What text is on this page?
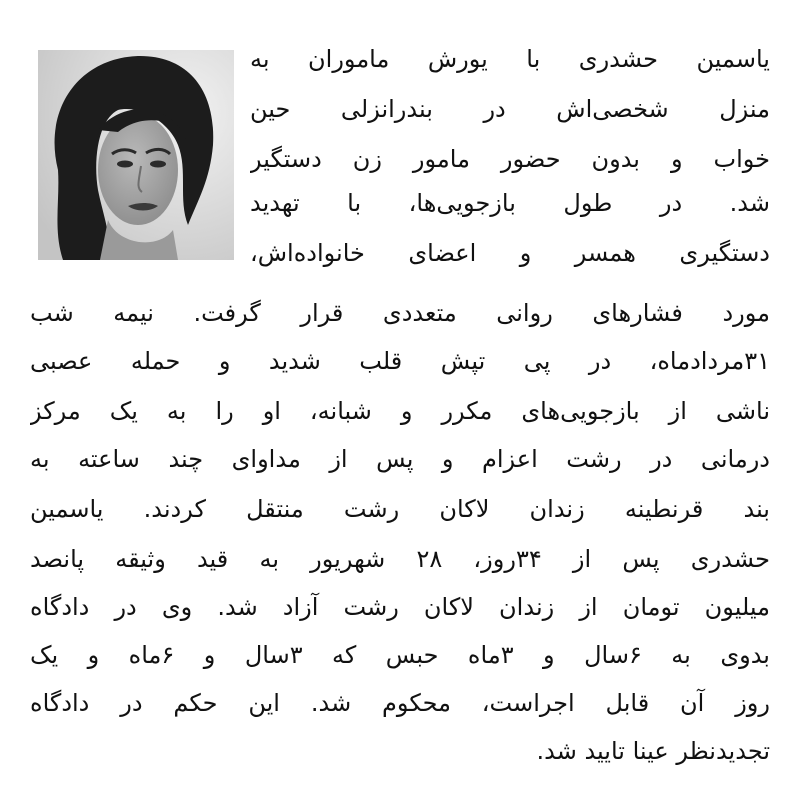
یاسمین حشدری با یورش ماموران به
منزل شخصی‌اش در بندرانزلی حین
خواب و بدون حضور مامور زن دستگیر
شد. در طول بازجویی‌ها، با تهدید
دستگیری همسر و اعضای خانواده‌اش،
مورد فشارهای روانی متعددی قرار گرفت. نیمه شب
۳۱مردادماه، در پی تپش قلب شدید و حمله عصبی
ناشی از بازجویی‌های مکرر و شبانه، او را به یک مرکز
درمانی در رشت اعزام و پس از مداوای چند ساعته به
بند قرنطینه زندان لاکان رشت منتقل کردند. یاسمین
حشدری پس از ۳۴روز، ۲۸ شهریور به قید وثیقه پانصد
میلیون تومان از زندان لاکان رشت آزاد شد. وی در دادگاه
بدوی به ۶سال و ۳ماه حبس که ۳سال و ۶ماه و یک
روز آن قابل اجراست، محکوم شد. این حکم در دادگاه
تجدیدنظر عینا تایید شد.
